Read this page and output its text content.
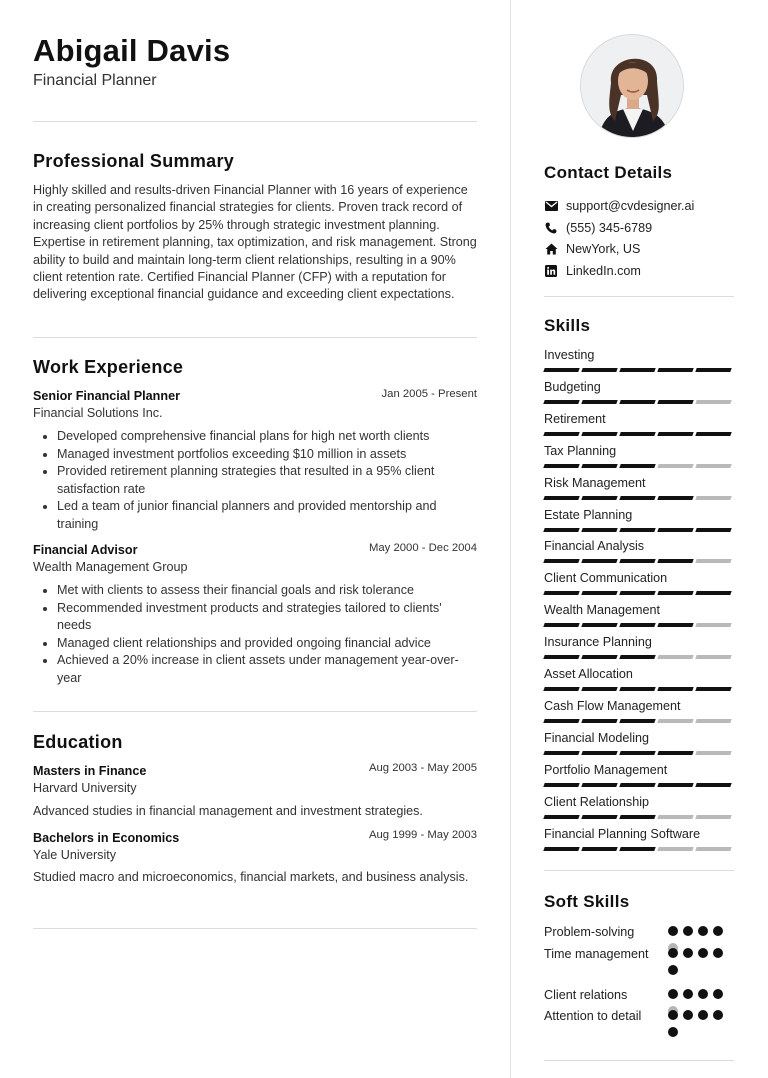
Abigail Davis
Financial Planner
Professional Summary
Highly skilled and results-driven Financial Planner with 16 years of experience in creating personalized financial strategies for clients. Proven track record of increasing client portfolios by 25% through strategic investment planning. Expertise in retirement planning, tax optimization, and risk management. Strong ability to build and maintain long-term client relationships, resulting in a 90% client retention rate. Certified Financial Planner (CFP) with a reputation for delivering exceptional financial guidance and exceeding client expectations.
Work Experience
Senior Financial Planner	Jan 2005 - Present
Financial Solutions Inc.
• Developed comprehensive financial plans for high net worth clients
• Managed investment portfolios exceeding $10 million in assets
• Provided retirement planning strategies that resulted in a 95% client satisfaction rate
• Led a team of junior financial planners and provided mentorship and training
Financial Advisor	May 2000 - Dec 2004
Wealth Management Group
• Met with clients to assess their financial goals and risk tolerance
• Recommended investment products and strategies tailored to clients' needs
• Managed client relationships and provided ongoing financial advice
• Achieved a 20% increase in client assets under management year-over-year
Education
Masters in Finance	Aug 2003 - May 2005
Harvard University
Advanced studies in financial management and investment strategies.
Bachelors in Economics	Aug 1999 - May 2003
Yale University
Studied macro and microeconomics, financial markets, and business analysis.
Contact Details
support@cvdesigner.ai
(555) 345-6789
NewYork, US
LinkedIn.com
Skills
Investing
Budgeting
Retirement
Tax Planning
Risk Management
Estate Planning
Financial Analysis
Client Communication
Wealth Management
Insurance Planning
Asset Allocation
Cash Flow Management
Financial Modeling
Portfolio Management
Client Relationship
Financial Planning Software
Soft Skills
Problem-solving
Time management
Client relations
Attention to detail
